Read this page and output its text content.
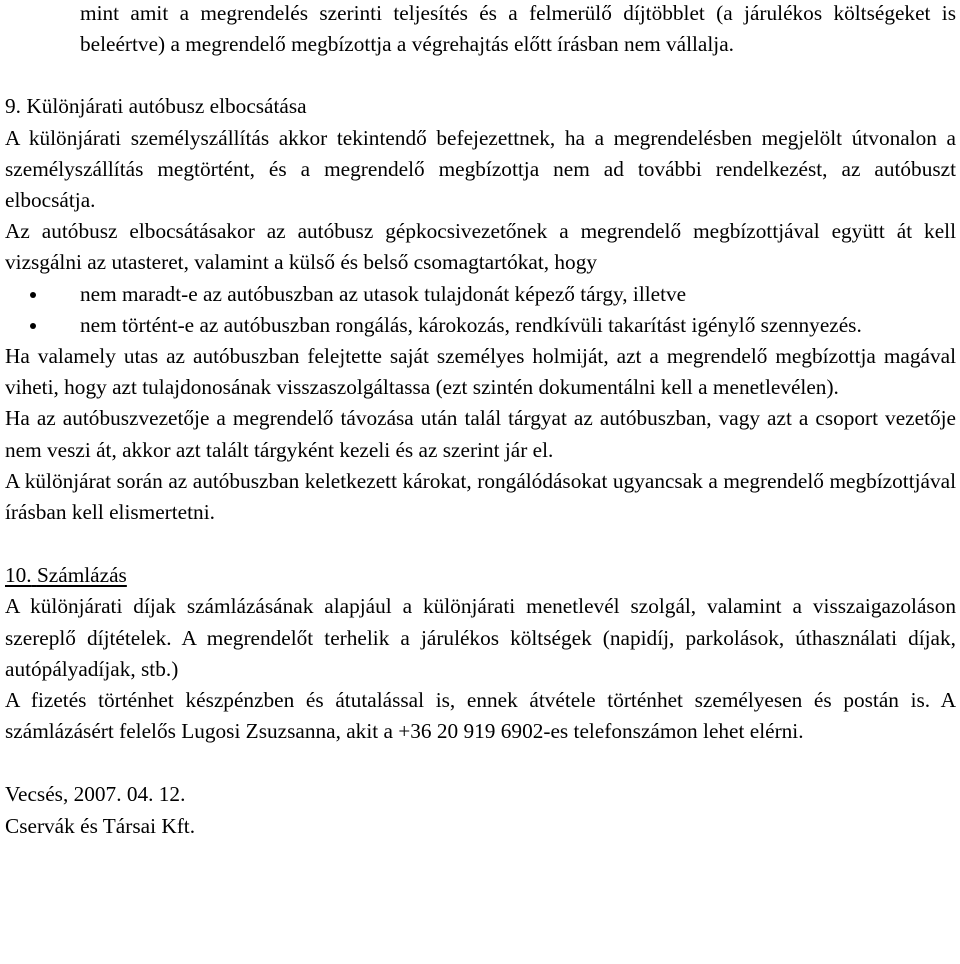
mint amit a megrendelés szerinti teljesítés és a felmerülő díjtöbblet (a járulékos költségeket is beleértve) a megrendelő megbízottja a végrehajtás előtt írásban nem vállalja.

9. Különjárati autóbusz elbocsátása

A különjárati személyszállítás akkor tekintendő befejezettnek, ha a megrendelésben megjelölt útvonalon a személyszállítás megtörtént, és a megrendelő megbízottja nem ad további rendelkezést, az autóbuszt elbocsátja.

Az autóbusz elbocsátásakor az autóbusz gépkocsivezetőnek a megrendelő megbízottjával együtt át kell vizsgálni az utasteret, valamint a külső és belső csomagtartókat, hogy

nem maradt-e az autóbuszban az utasok tulajdonát képező tárgy, illetve
nem történt-e az autóbuszban rongálás, károkozás, rendkívüli takarítást igénylő szennyezés.

Ha valamely utas az autóbuszban felejtette saját személyes holmiját, azt a megrendelő megbízottja magával viheti, hogy azt tulajdonosának visszaszolgáltassa (ezt szintén dokumentálni kell a menetlevélen).

Ha az autóbuszvezetője a megrendelő távozása után talál tárgyat az autóbuszban, vagy azt a csoport vezetője nem veszi át, akkor azt talált tárgyként kezeli és az szerint jár el.

A különjárat során az autóbuszban keletkezett károkat, rongálódásokat ugyancsak a megrendelő megbízottjával írásban kell elismertetni.

10. Számlázás

A különjárati díjak számlázásának alapjául a különjárati menetlevél szolgál, valamint a visszaigazoláson szereplő díjtételek. A megrendelőt terhelik a járulékos költségek (napidíj, parkolások, úthasználati díjak, autópályadíjak, stb.)

A fizetés történhet készpénzben és átutalással is, ennek átvétele történhet személyesen és postán is. A számlázásért felelős Lugosi Zsuzsanna, akit a +36 20 919 6902-es telefonszámon lehet elérni.

Vecsés, 2007. 04. 12.

Cservák és Társai Kft.
